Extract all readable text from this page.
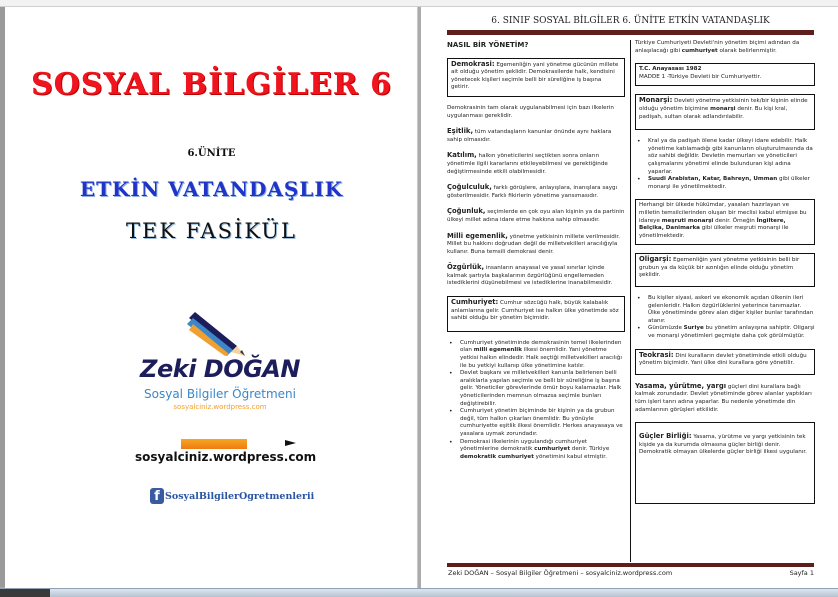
SOSYAL BİLGİLER 6
6.ÜNİTE
ETKİN VATANDAŞLIK
TEK FASİKÜL
Zeki DOĞAN
Sosyal Bilgiler Öğretmeni
sosyalciniz.wordpress.com
sosyalciniz.wordpress.com
f SosyalBilgilerOgretmenlerii
6. SINIF SOSYAL BİLGİLER 6. ÜNİTE ETKİN VATANDAŞLIK
NASIL BİR YÖNETİM?
Demokrasi: Egemenliğin yani yönetme gücünün millete ait olduğu yönetim şeklidir. Demokrasilerde halk, kendisini yönetecek kişileri seçimle belli bir süreliğine iş başına getirir.
Demokrasinin tam olarak uygulanabilmesi için bazı ilkelerin uygulanması gereklidir.
Eşitlik, tüm vatandaşların kanunlar önünde aynı haklara sahip olmasıdır.
Katılım, halkın yöneticilerini seçtikten sonra onların yönetimle ilgili kararlarını etkileyebilmesi ve gerektiğinde değiştirmesinde etkili olabilmesidir.
Çoğulculuk, farklı görüşlere, anlayışlara, inanışlara saygı gösterilmesidir. Farklı fikirlerin yönetime yansımasıdır.
Çoğunluk, seçimlerde en çok oyu alan kişinin ya da partinin ülkeyi millet adına idare etme hakkına sahip olmasıdır.
Milli egemenlik, yönetme yetkisinin millete verilmesidir. Millet bu hakkını doğrudan değil de milletvekilleri aracılığıyla kullanır. Buna temsili demokrasi denir.
Özgürlük, insanların anayasal ve yasal sınırlar içinde kalmak şartıyla başkalarının özgürlüğünü engellemeden istediklerini düşünebilmesi ve istediklerine inanabilmesidir.
Cumhuriyet: Cumhur sözcüğü halk, büyük kalabalık anlamlarına gelir. Cumhuriyet ise halkın ülke yönetimde söz sahibi olduğu bir yönetim biçimidir.
• Cumhuriyet yönetiminde demokrasinin temel ilkelerinden olan milli egemenlik ilkesi önemlidir. Yani yönetme yetkisi halkın elindedir. Halk seçtiği milletvekilleri aracılığı ile bu yetkiyi kullanıp ülke yönetimine katılır.
• Devlet başkanı ve milletvekilleri kanunla belirlenen belli aralıklarla yapılan seçimle ve belli bir süreliğine iş başına gelir. Yöneticiler görevlerinde ömür boyu kalamazlar. Halk yöneticilerinden memnun olmazsa seçimle bunları değiştirebilir.
• Cumhuriyet yönetim biçiminde bir kişinin ya da grubun değil, tüm halkın çıkarları önemlidir. Bu yönüyle cumhuriyette eşitlik ilkesi önemlidir. Herkes anayasaya ve yasalara uymak zorundadır.
• Demokrasi ilkelerinin uygulandığı cumhuriyet yönetimlerine demokratik cumhuriyet denir. Türkiye demokratik cumhuriyet yönetimini kabul etmiştir.
Türkiye Cumhuriyeti Devleti'nin yönetim biçimi adından da anlaşılacağı gibi cumhuriyet olarak belirlenmiştir.
T.C. Anayasası 1982
MADDE 1 -Türkiye Devleti bir Cumhuriyettir.
Monarşi: Devleti yönetme yetkisinin tek/bir kişinin elinde olduğu yönetim biçimine monarşi denir. Bu kişi kral, padişah, sultan olarak adlandırılabilir.
• Kral ya da padişah ölene kadar ülkeyi idare edebilir. Halk yönetime katılamadığı gibi kanunların oluşturulmasında da söz sahibi değildir. Devletin memurları ve yöneticileri çalışmalarını yönetimi elinde bulunduran kişi adına yaparlar.
• Suudi Arabistan, Katar, Bahreyn, Umman gibi ülkeler monarşi ile yönetilmektedir.
Herhangi bir ülkede hükümdar, yasaları hazırlayan ve milletin temsilcilerinden oluşan bir meclisi kabul etmişse bu idareye meşruti monarşi denir. Örneğin İngiltere, Belçika, Danimarka gibi ülkeler meşruti monarşi ile yönetilmektedir.
Oligarşi: Egemenliğin yani yönetme yetkisinin belli bir grubun ya da küçük bir azınlığın elinde olduğu yönetim şeklidir.
• Bu kişiler siyasi, askeri ve ekonomik açıdan ülkenin ileri gelenleridir. Halkın özgürlüklerini yeterince tanımazlar. Ülke yönetiminde görev alan diğer kişiler bunlar tarafından atanır.
• Günümüzde Suriye bu yönetim anlayışına sahiptir. Oligarşi ve monarşi yönetimleri geçmişte daha çok görülmüştür.
Teokrasi: Dini kuralların devlet yönetiminde etkili olduğu yönetim biçimidir. Yani ülke dini kurallara göre yönetilir.
Yasama, yürütme, yargı güçleri dini kurallara bağlı kalmak zorundadır. Devlet yönetiminde görev alanlar yaptıkları tüm işleri tanrı adına yaparlar. Bu nedenle yönetimde din adamlarının görüşleri etkilidir.
Güçler Birliği: Yasama, yürütme ve yargı yetkisinin tek kişide ya da kurumda olmasına güçler birliği denir. Demokratik olmayan ülkelerde güçler birliği ilkesi uygulanır.
Zeki DOĞAN – Sosyal Bilgiler Öğretmeni – sosyalciniz.wordpress.com	Sayfa 1
